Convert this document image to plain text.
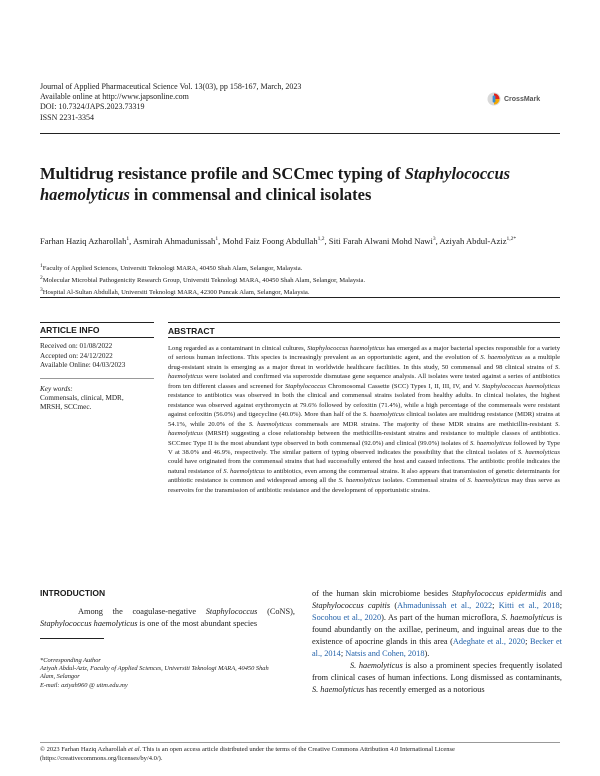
Journal of Applied Pharmaceutical Science Vol. 13(03), pp 158-167, March, 2023
Available online at http://www.japsonline.com
DOI: 10.7324/JAPS.2023.73319
ISSN 2231-3354
CrossMark
Multidrug resistance profile and SCCmec typing of Staphylococcus haemolyticus in commensal and clinical isolates
Farhan Haziq Azharollah$^1$, Asmirah Ahmadunissah$^1$, Mohd Faiz Foong Abdullah$^{1,2}$, Siti Farah Alwani Mohd Nawi$^3$, Aziyah Abdul-Aziz$^{1,2*}$
$^1$Faculty of Applied Sciences, Universiti Teknologi MARA, 40450 Shah Alam, Selangor, Malaysia.
$^2$Molecular Microbial Pathogenicity Research Group, Universiti Teknologi MARA, 40450 Shah Alam, Selangor, Malaysia.
$^3$Hospital Al-Sultan Abdullah, Universiti Teknologi MARA, 42300 Puncak Alam, Selangor, Malaysia.
ARTICLE INFO
Received on: 01/08/2022
Accepted on: 24/12/2022
Available Online: 04/03/2023
Key words:
Commensals, clinical, MDR, MRSH, SCCmec.
ABSTRACT
Long regarded as a contaminant in clinical cultures, Staphylococcus haemolyticus has emerged as a major bacterial species responsible for a variety of serious human infections. This species is increasingly prevalent as an opportunistic agent, and the evolution of S. haemolyticus as a multiple drug-resistant strain is emerging as a major threat in worldwide healthcare facilities. In this study, 50 commensal and 98 clinical strains of S. haemolyticus were isolated and confirmed via superoxide dismutase gene sequence analysis. All isolates were tested against a series of antibiotics from ten different classes and screened for Staphylococcus Chromosomal Cassette (SCC) Types I, II, III, IV, and V. Staphylococcus haemolyticus resistance to antibiotics was observed in both the clinical and commensal strains isolated from healthy adults. In clinical isolates, the highest resistance was observed against erythromycin at 79.6% followed by cefoxitin (71.4%), while a high percentage of the commensals were resistant against cefoxitin (56.0%) and tigecycline (40.0%). More than half of the S. haemolyticus clinical isolates are multidrug resistance (MDR) strains at 54.1%, while 20.0% of the S. haemolyticus commensals are MDR strains. The majority of these MDR strains are methicillin-resistant S. haemolyticus (MRSH) suggesting a close relationship between the methicillin-resistant strains and resistance to multiple classes of antibiotics. SCCmec Type II is the most abundant type observed in both commensal (92.0%) and clinical (99.0%) isolates of S. haemolyticus followed by Type V at 38.0% and 46.9%, respectively. The similar pattern of typing observed indicates the possibility that the clinical isolates of S. haemolyticus could have originated from the commensal strains that had successfully entered the host and caused infections. The antibiotic profile indicates the natural resistance of S. haemolyticus to antibiotics, even among the commensal strains. It also appears that transmission of genetic determinants for antibiotic resistance is common and widespread among all the S. haemolyticus isolates. Commensal strains of S. haemolyticus may thus serve as reservoirs for the transmission of antibiotic resistance and the development of opportunistic strains.
INTRODUCTION
Among the coagulase-negative Staphylococcus (CoNS), Staphylococcus haemolyticus is one of the most abundant species
of the human skin microbiome besides Staphylococcus epidermidis and Staphylococcus capitis (Ahmadunissah et al., 2022; Kitti et al., 2018; Socohou et al., 2020). As part of the human microflora, S. haemolyticus is found abundantly on the axillae, perineum, and inguinal areas due to the existence of apocrine glands in this area (Adeghate et al., 2020; Becker et al., 2014; Natsis and Cohen, 2018).
S. haemolyticus is also a prominent species frequently isolated from clinical cases of human infections. Long dismissed as contaminants, S. haemolyticus has recently emerged as a notorious
*Corresponding Author
Aziyah Abdul-Aziz, Faculty of Applied Sciences, Universiti Teknologi MARA, 40450 Shah Alam, Selangor
E-mail: aziyah960 @ uitm.edu.my
© 2023 Farhan Haziq Azharollah et al. This is an open access article distributed under the terms of the Creative Commons Attribution 4.0 International License (https://creativecommons.org/licenses/by/4.0/).
